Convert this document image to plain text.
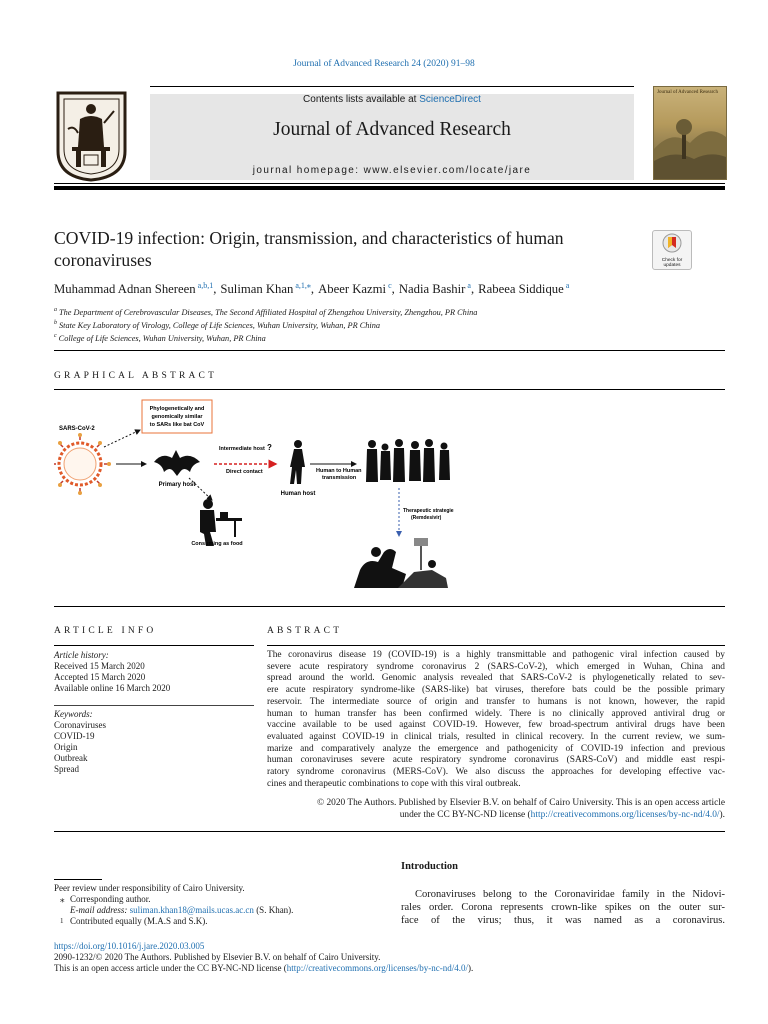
Journal of Advanced Research 24 (2020) 91–98
Contents lists available at ScienceDirect
Journal of Advanced Research
journal homepage: www.elsevier.com/locate/jare
Journal of Advanced Research
COVID-19 infection: Origin, transmission, and characteristics of human coronaviruses	Check for
updates
Muhammad Adnan Shereen $^{a,b,1}$, Suliman Khan $^{a,1,⁎}$, Abeer Kazmi $^c$, Nadia Bashir $^a$, Rabeea Siddique $^a$
$^a$ The Department of Cerebrovascular Diseases, The Second Affiliated Hospital of Zhengzhou University, Zhengzhou, PR China
$^b$ State Key Laboratory of Virology, College of Life Sciences, Wuhan University, Wuhan, PR China
$^c$ College of Life Sciences, Wuhan University, Wuhan, PR China
GRAPHICAL ABSTRACT
SARS-CoV-2
Phylogenetically and
genomically similar
to SARs like bat CoV
Primary host
Intermediate host ?
Direct contact
Human host
Human to Human
transmission
Consuming as food
Therapeutic strategies
(Remdesivir)
ARTICLE INFO
Article history:
Received 15 March 2020
Accepted 15 March 2020
Available online 16 March 2020
Keywords:
Coronaviruses
COVID-19
Origin
Outbreak
Spread
ABSTRACT
The coronavirus disease 19 (COVID-19) is a highly transmittable and pathogenic viral infection caused by
severe acute respiratory syndrome coronavirus 2 (SARS-CoV-2), which emerged in Wuhan, China and
spread around the world. Genomic analysis revealed that SARS-CoV-2 is phylogenetically related to sev-
ere acute respiratory syndrome-like (SARS-like) bat viruses, therefore bats could be the possible primary
reservoir. The intermediate source of origin and transfer to humans is not known, however, the rapid
human to human transfer has been confirmed widely. There is no clinically approved antiviral drug or
vaccine available to be used against COVID-19. However, few broad-spectrum antiviral drugs have been
evaluated against COVID-19 in clinical trials, resulted in clinical recovery. In the current review, we sum-
marize and comparatively analyze the emergence and pathogenicity of COVID-19 infection and previous
human coronaviruses severe acute respiratory syndrome coronavirus (SARS-CoV) and middle east respi-
ratory syndrome coronavirus (MERS-CoV). We also discuss the approaches for developing effective vac-
cines and therapeutic combinations to cope with this viral outbreak.
© 2020 The Authors. Published by Elsevier B.V. on behalf of Cairo University. This is an open access article
under the CC BY-NC-ND license (http://creativecommons.org/licenses/by-nc-nd/4.0/).
Introduction
Coronaviruses belong to the Coronaviridae family in the Nidovi-
rales order. Corona represents crown-like spikes on the outer sur-
face of the virus; thus, it was named as a coronavirus.
Peer review under responsibility of Cairo University.
⁎ Corresponding author.
E-mail address: suliman.khan18@mails.ucas.ac.cn (S. Khan).
1 Contributed equally (M.A.S and S.K).
https://doi.org/10.1016/j.jare.2020.03.005
2090-1232/© 2020 The Authors. Published by Elsevier B.V. on behalf of Cairo University.
This is an open access article under the CC BY-NC-ND license (http://creativecommons.org/licenses/by-nc-nd/4.0/).
